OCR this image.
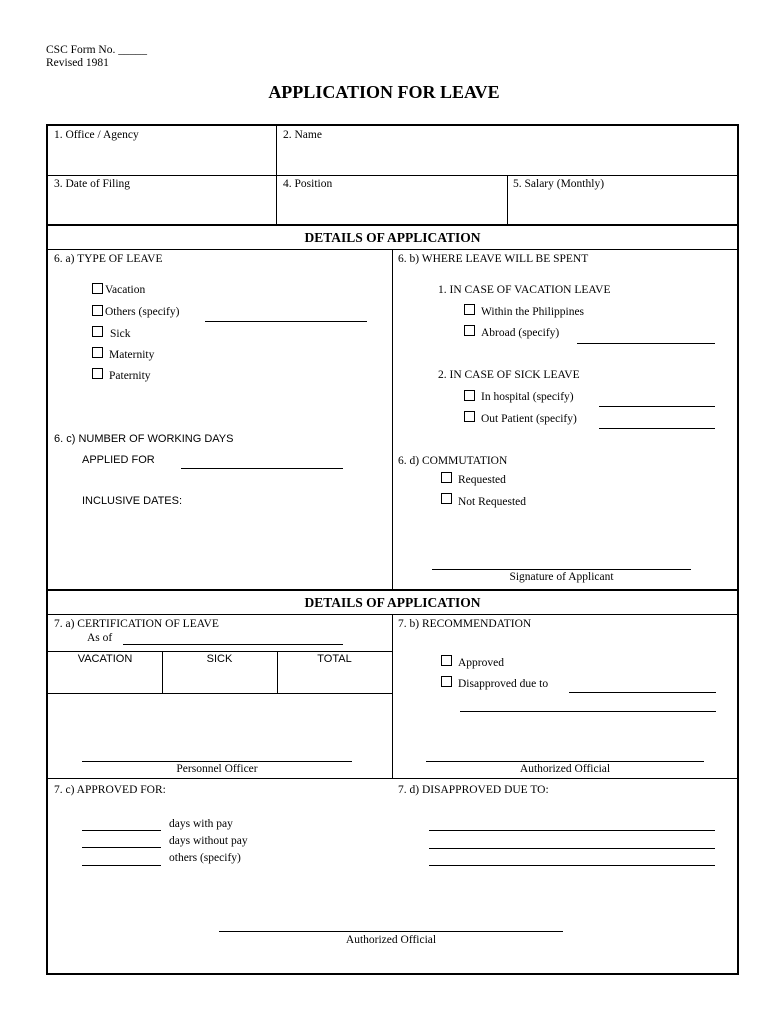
CSC Form No. _____
Revised 1981
APPLICATION FOR LEAVE
1. Office / Agency	2. Name
3. Date of Filing	4. Position	5. Salary (Monthly)
DETAILS OF APPLICATION
6. a) TYPE OF LEAVE
Vacation
Others (specify)
Sick
Maternity
Paternity
6. c) NUMBER OF WORKING DAYS
APPLIED FOR
INCLUSIVE DATES:
6. b) WHERE LEAVE WILL BE SPENT
1. IN CASE OF VACATION LEAVE
Within the Philippines
Abroad (specify)
2. IN CASE OF SICK LEAVE
In hospital (specify)
Out Patient (specify)
6. d) COMMUTATION
Requested
Not Requested
Signature of Applicant
DETAILS OF APPLICATION
7. a) CERTIFICATION OF LEAVE
As of
VACATION	SICK	TOTAL
Personnel Officer
7. b) RECOMMENDATION
Approved
Disapproved due to
Authorized Official
7. c) APPROVED FOR:
days with pay
days without pay
others (specify)
7. d) DISAPPROVED DUE TO:
Authorized Official
